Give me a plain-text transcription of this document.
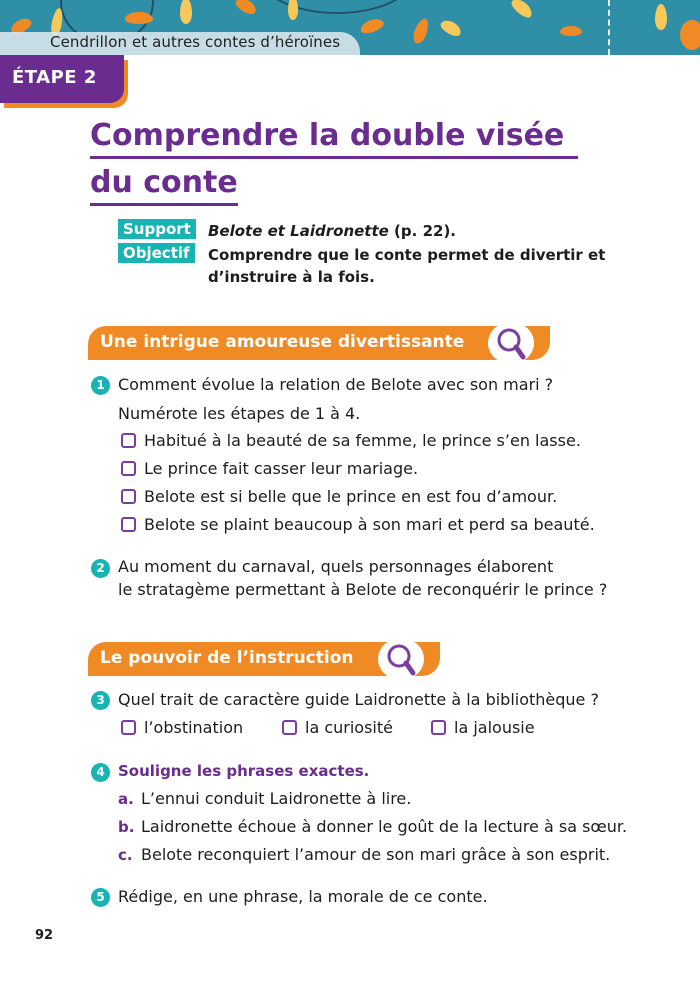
Cendrillon et autres contes d’héroïnes
ÉTAPE 2
Comprendre la double visée
du conte
Support Belote et Laidronette (p. 22).
Objectif Comprendre que le conte permet de divertir et d’instruire à la fois.
Une intrigue amoureuse divertissante
1 Comment évolue la relation de Belote avec son mari ?
Numérote les étapes de 1 à 4.
Habitué à la beauté de sa femme, le prince s’en lasse.
Le prince fait casser leur mariage.
Belote est si belle que le prince en est fou d’amour.
Belote se plaint beaucoup à son mari et perd sa beauté.
2 Au moment du carnaval, quels personnages élaborent
le stratagème permettant à Belote de reconquérir le prince ?
Le pouvoir de l’instruction
3 Quel trait de caractère guide Laidronette à la bibliothèque ?
l’obstination	la curiosité	la jalousie
4 Souligne les phrases exactes.
a. L’ennui conduit Laidronette à lire.
b. Laidronette échoue à donner le goût de la lecture à sa sœur.
c. Belote reconquiert l’amour de son mari grâce à son esprit.
5 Rédige, en une phrase, la morale de ce conte.
92
